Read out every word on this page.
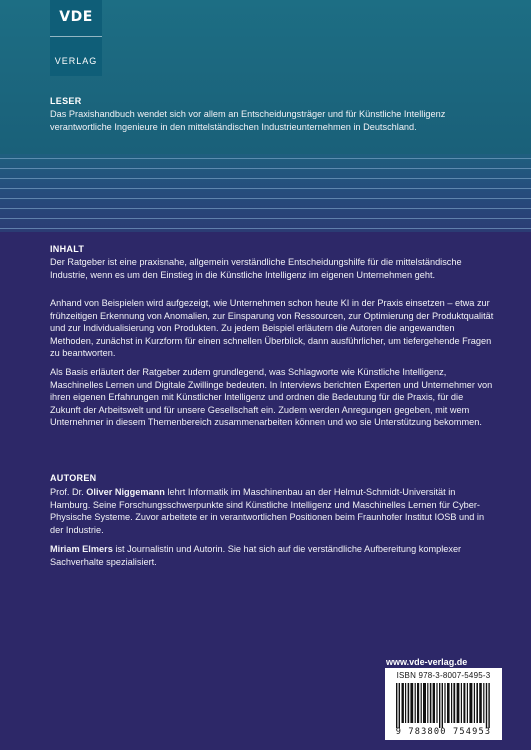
VDE
VERLAG
LESER
Das Praxishandbuch wendet sich vor allem an Entscheidungsträger und für Künstliche Intelligenz verantwortliche Ingenieure in den mittelständischen Industrieunternehmen in Deutschland.
INHALT
Der Ratgeber ist eine praxisnahe, allgemein verständliche Entscheidungshilfe für die mittelständische Industrie, wenn es um den Einstieg in die Künstliche Intelligenz im eigenen Unternehmen geht.
Anhand von Beispielen wird aufgezeigt, wie Unternehmen schon heute KI in der Praxis einsetzen – etwa zur frühzeitigen Erkennung von Anomalien, zur Einsparung von Ressourcen, zur Optimierung der Produktqualität und zur Individualisierung von Produkten. Zu jedem Beispiel erläutern die Autoren die angewandten Methoden, zunächst in Kurzform für einen schnellen Überblick, dann ausführlicher, um tiefergehende Fragen zu beantworten.
Als Basis erläutert der Ratgeber zudem grundlegend, was Schlagworte wie Künstliche Intelligenz, Maschinelles Lernen und Digitale Zwillinge bedeuten. In Interviews berichten Experten und Unternehmer von ihren eigenen Erfahrungen mit Künstlicher Intelligenz und ordnen die Bedeutung für die Praxis, für die Zukunft der Arbeitswelt und für unsere Gesellschaft ein. Zudem werden Anregungen gegeben, mit wem Unternehmer in diesem Themenbereich zusammenarbeiten können und wo sie Unterstützung bekommen.
AUTOREN
Prof. Dr. Oliver Niggemann lehrt Informatik im Maschinenbau an der Helmut-Schmidt-Universität in Hamburg. Seine Forschungsschwerpunkte sind Künstliche Intelligenz und Maschinelles Lernen für Cyber-Physische Systeme. Zuvor arbeitete er in verantwortlichen Positionen beim Fraunhofer Institut IOSB und in der Industrie.
Miriam Elmers ist Journalistin und Autorin. Sie hat sich auf die verständliche Aufbereitung komplexer Sachverhalte spezialisiert.
www.vde-verlag.de
ISBN 978-3-8007-5495-3
9 783800 754953
